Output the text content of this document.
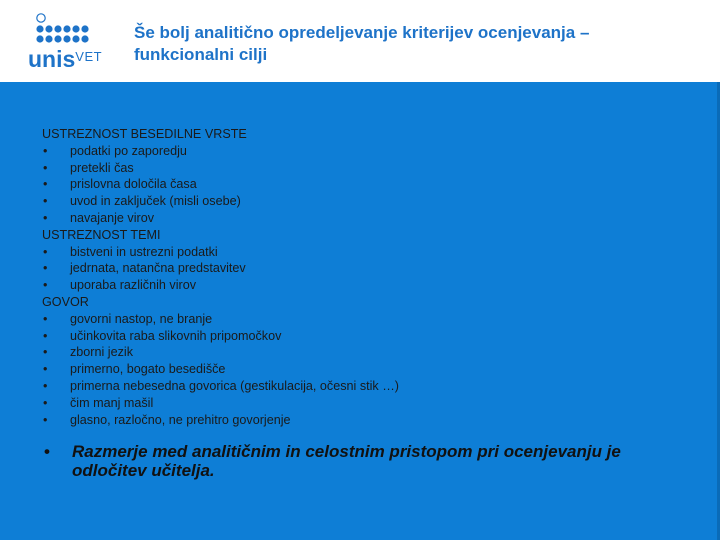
unis$^{VET}$
Še bolj analitično opredeljevanje kriterijev ocenjevanja –
funkcionalni cilji
USTREZNOST BESEDILNE VRSTE
• podatki po zaporedju
• pretekli čas
• prislovna določila časa
• uvod in zaključek (misli osebe)
• navajanje virov
USTREZNOST TEMI
• bistveni in ustrezni podatki
• jedrnata, natančna predstavitev
• uporaba različnih virov
GOVOR
• govorni nastop, ne branje
• učinkovita raba slikovnih pripomočkov
• zborni jezik
• primerno, bogato besedišče
• primerna nebesedna govorica (gestikulacija, očesni stik …)
• čim manj mašil
• glasno, razločno, ne prehitro govorjenje
•	Razmerje med analitičnim in celostnim pristopom pri ocenjevanju je odločitev učitelja.
